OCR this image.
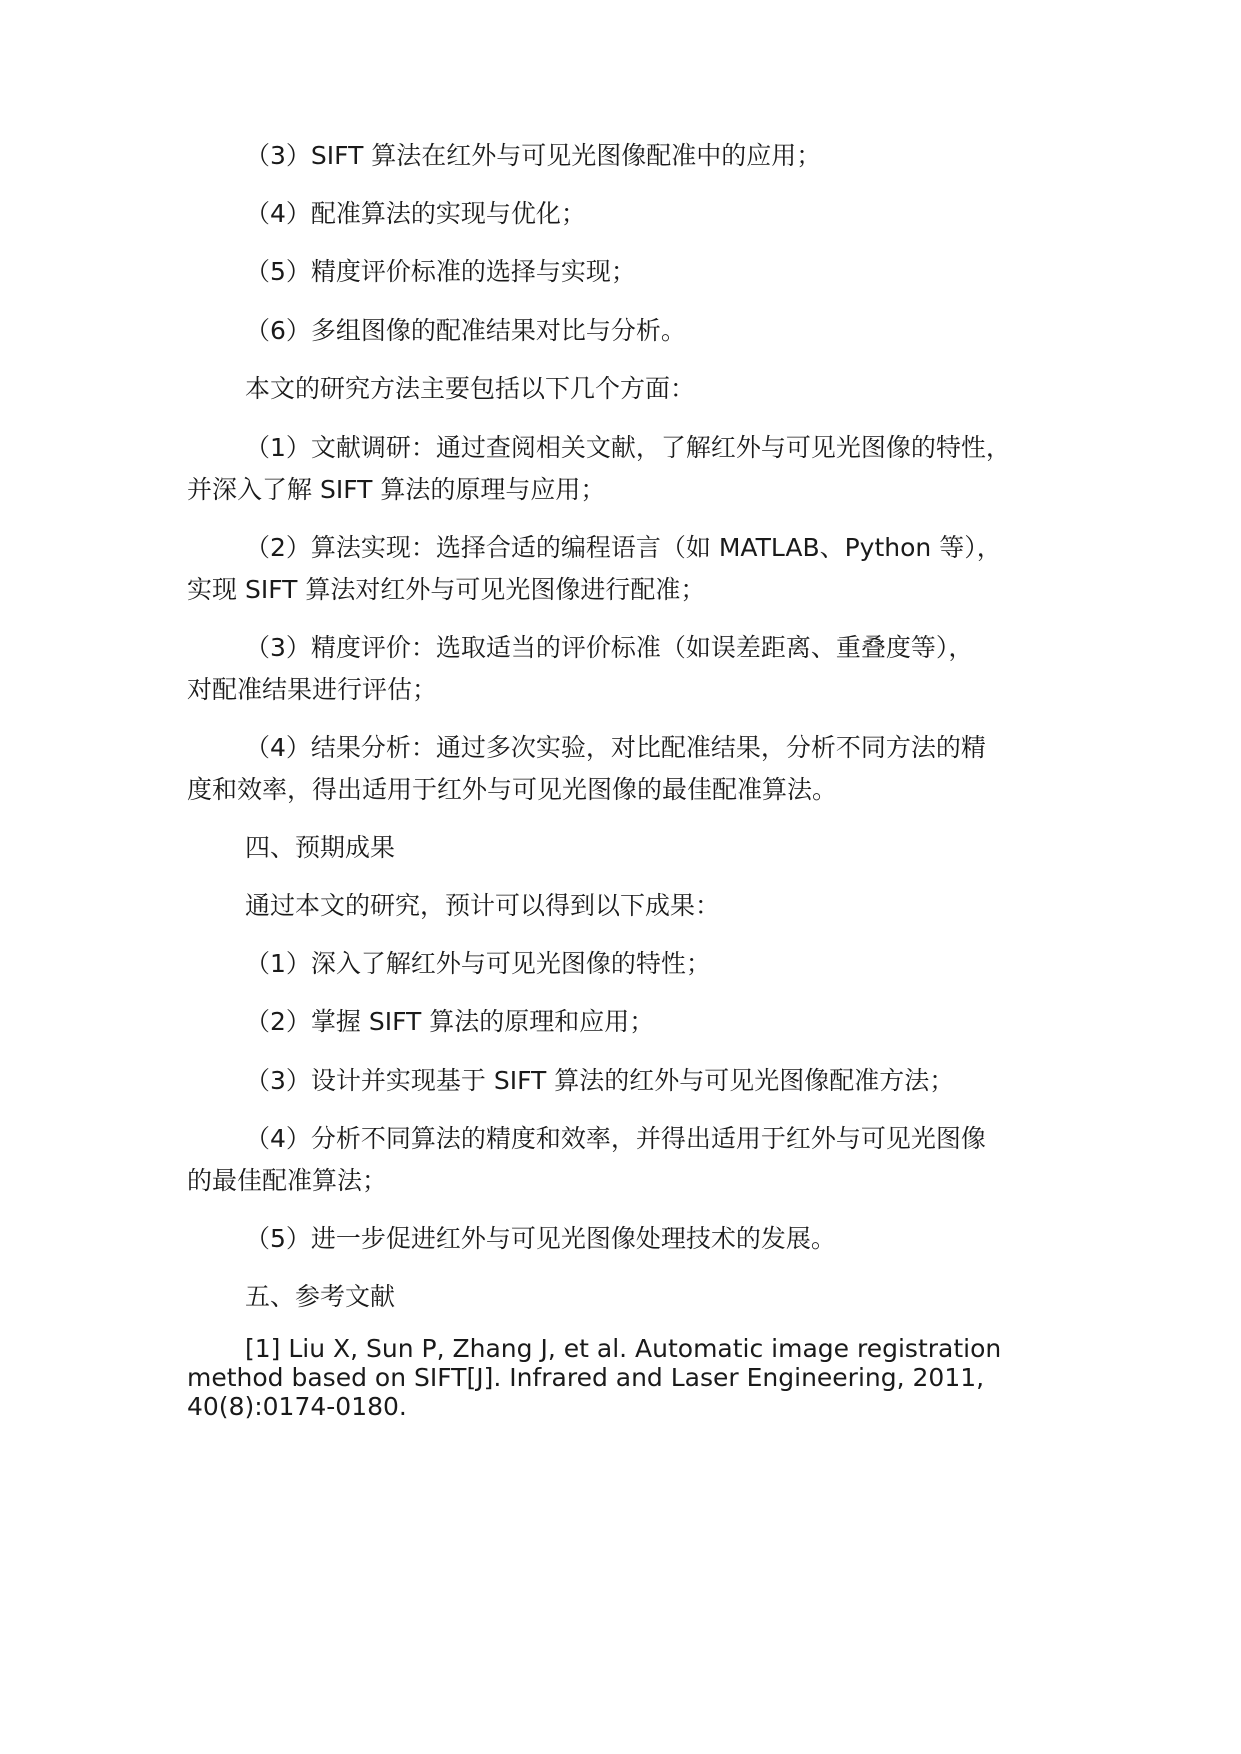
（3）SIFT 算法在红外与可见光图像配准中的应用；
（4）配准算法的实现与优化；
（5）精度评价标准的选择与实现；
（6）多组图像的配准结果对比与分析。
本文的研究方法主要包括以下几个方面：
（1）文献调研：通过查阅相关文献，了解红外与可见光图像的特性，
并深入了解 SIFT 算法的原理与应用；
（2）算法实现：选择合适的编程语言（如 MATLAB、Python 等），
实现 SIFT 算法对红外与可见光图像进行配准；
（3）精度评价：选取适当的评价标准（如误差距离、重叠度等），
对配准结果进行评估；
（4）结果分析：通过多次实验，对比配准结果，分析不同方法的精
度和效率，得出适用于红外与可见光图像的最佳配准算法。
四、预期成果
通过本文的研究，预计可以得到以下成果：
（1）深入了解红外与可见光图像的特性；
（2）掌握 SIFT 算法的原理和应用；
（3）设计并实现基于 SIFT 算法的红外与可见光图像配准方法；
（4）分析不同算法的精度和效率，并得出适用于红外与可见光图像
的最佳配准算法；
（5）进一步促进红外与可见光图像处理技术的发展。
五、参考文献
[1] Liu X, Sun P, Zhang J, et al. Automatic image registration
method based on SIFT[J]. Infrared and Laser Engineering, 2011,
40(8):0174-0180.
